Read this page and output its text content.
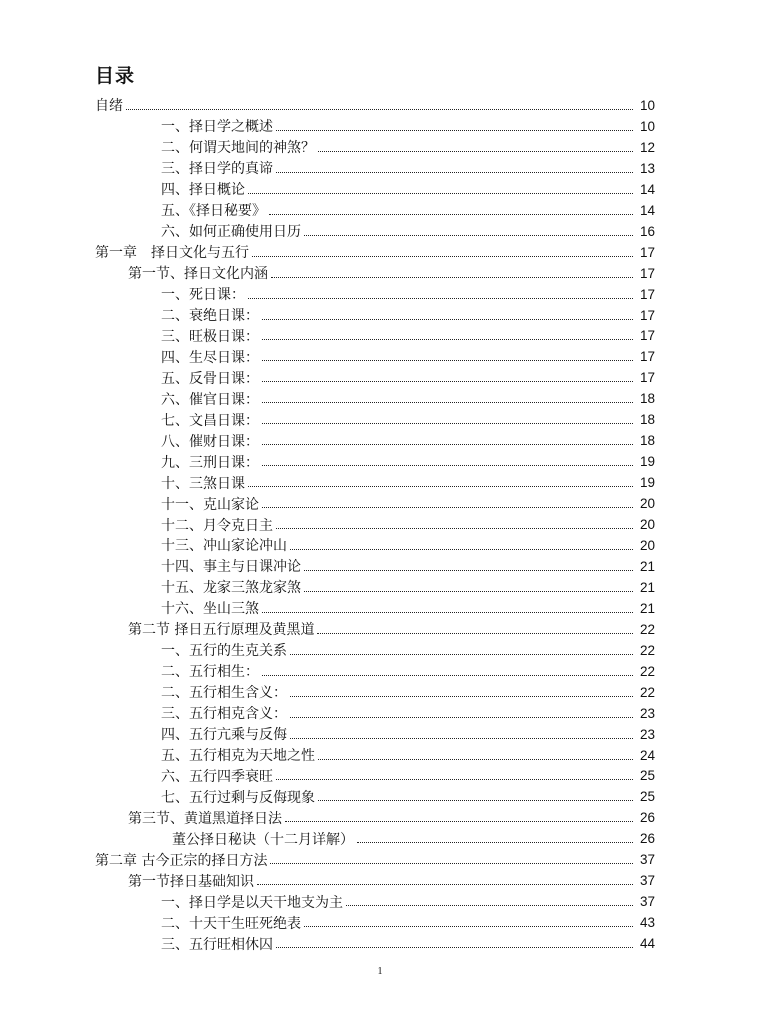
目录
自绪	10
一、择日学之概述	10
二、何谓天地间的神煞？	12
三、择日学的真谛	13
四、择日概论	14
五、《择日秘要》	14
六、如何正确使用日历	16
第一章　择日文化与五行	17
第一节、择日文化内涵	17
一、死日课：	17
二、衰绝日课：	17
三、旺极日课：	17
四、生尽日课：	17
五、反骨日课：	17
六、催官日课：	18
七、文昌日课：	18
八、催财日课：	18
九、三刑日课：	19
十、三煞日课	19
十一、克山家论	20
十二、月令克日主	20
十三、冲山家论冲山	20
十四、事主与日课冲论	21
十五、龙家三煞龙家煞	21
十六、坐山三煞	21
第二节 择日五行原理及黄黑道	22
一、五行的生克关系	22
二、五行相生：	22
二、五行相生含义：	22
三、五行相克含义：	23
四、五行亢乘与反侮	23
五、五行相克为天地之性	24
六、五行四季衰旺	25
七、五行过剩与反侮现象	25
第三节、黄道黑道择日法	26
董公择日秘诀（十二月详解）	26
第二章 古今正宗的择日方法	37
第一节择日基础知识	37
一、择日学是以天干地支为主	37
二、十天干生旺死绝表	43
三、五行旺相休囚	44
1
